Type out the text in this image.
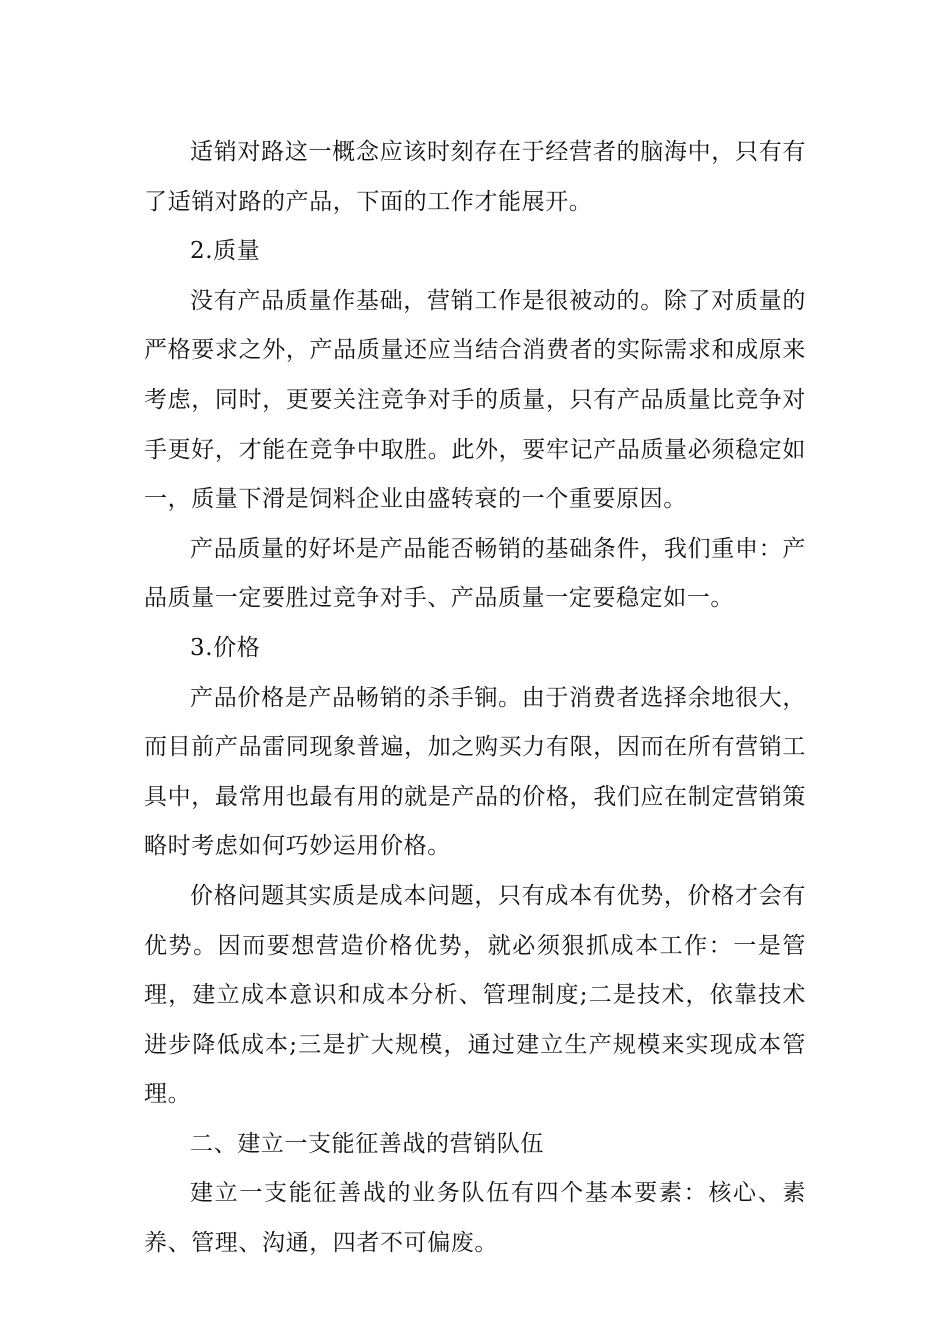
适销对路这一概念应该时刻存在于经营者的脑海中，只有有了适销对路的产品，下面的工作才能展开。

2.质量

没有产品质量作基础，营销工作是很被动的。除了对质量的严格要求之外，产品质量还应当结合消费者的实际需求和成原来考虑，同时，更要关注竞争对手的质量，只有产品质量比竞争对手更好，才能在竞争中取胜。此外，要牢记产品质量必须稳定如一，质量下滑是饲料企业由盛转衰的一个重要原因。

产品质量的好坏是产品能否畅销的基础条件，我们重申：产品质量一定要胜过竞争对手、产品质量一定要稳定如一。

3.价格

产品价格是产品畅销的杀手锏。由于消费者选择余地很大，而目前产品雷同现象普遍，加之购买力有限，因而在所有营销工具中，最常用也最有用的就是产品的价格，我们应在制定营销策略时考虑如何巧妙运用价格。

价格问题其实质是成本问题，只有成本有优势，价格才会有优势。因而要想营造价格优势，就必须狠抓成本工作：一是管理，建立成本意识和成本分析、管理制度;二是技术，依靠技术进步降低成本;三是扩大规模，通过建立生产规模来实现成本管理。

二、建立一支能征善战的营销队伍

建立一支能征善战的业务队伍有四个基本要素：核心、素养、管理、沟通，四者不可偏废。
